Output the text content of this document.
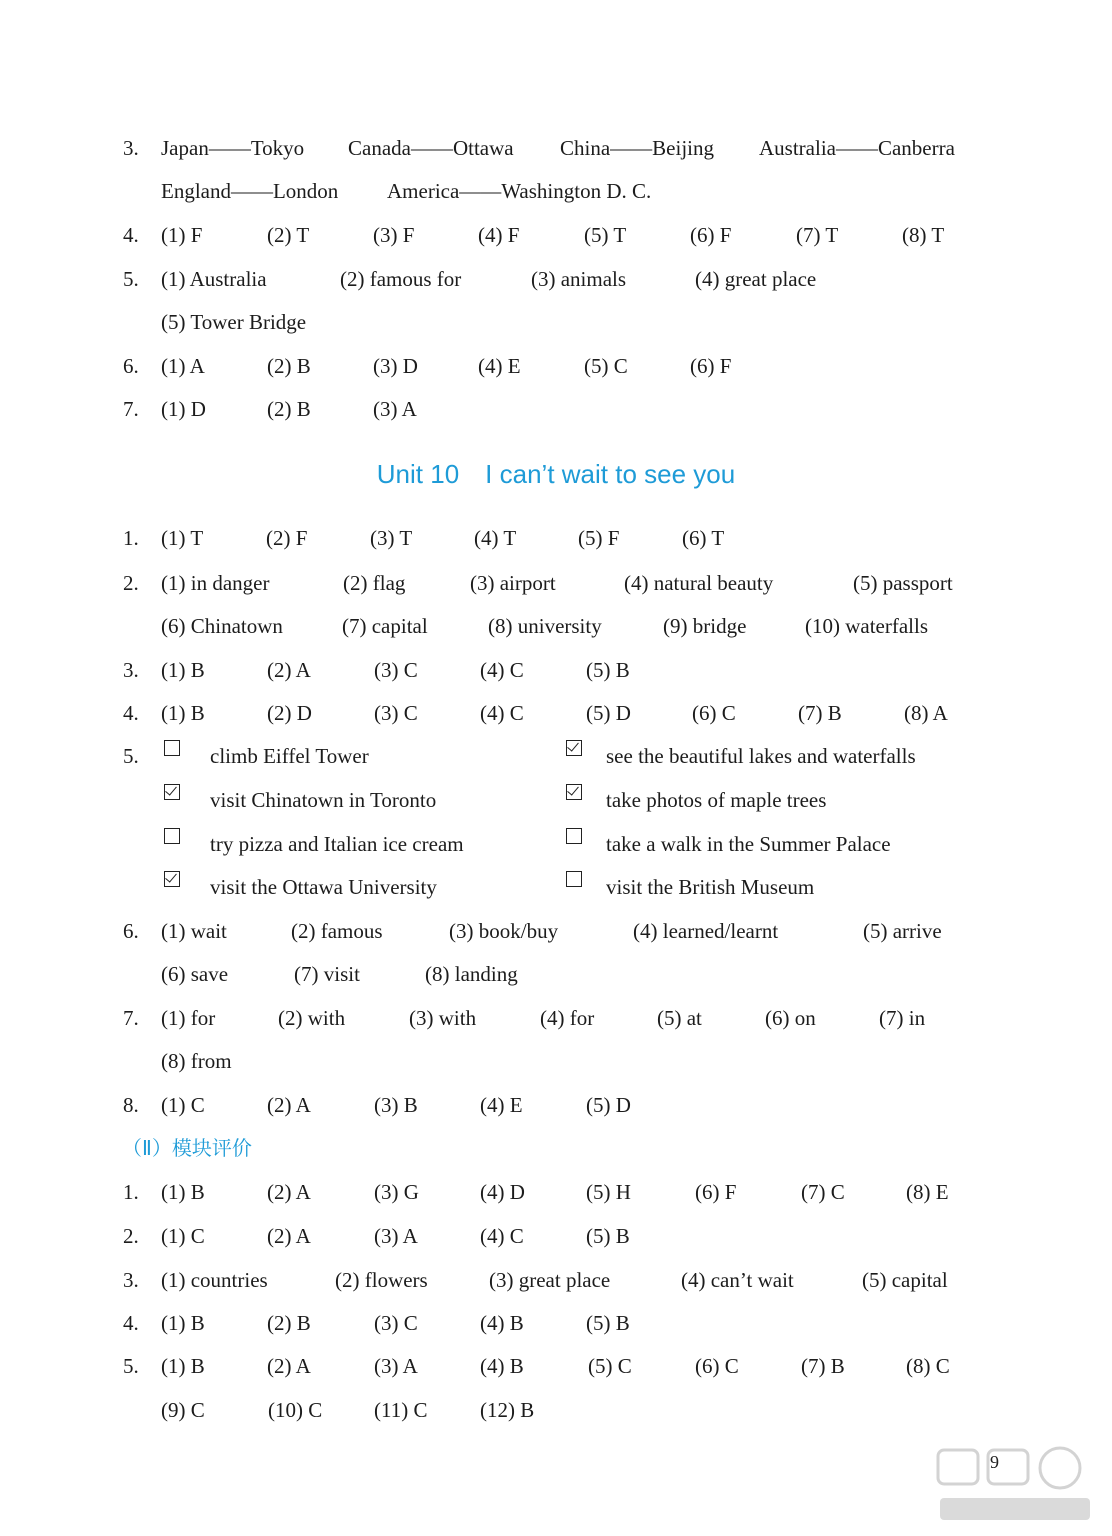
3. Japan——Tokyo Canada——Ottawa China——Beijing Australia——Canberra
England——London America——Washington D. C.
4. (1) F	(2) T	(3) F	(4) F	(5) T	(6) F	(7) T	(8) T
5. (1) Australia	(2) famous for	(3) animals	(4) great place
(5) Tower Bridge
6. (1) A	(2) B	(3) D	(4) E	(5) C	(6) F
7. (1) D	(2) B	(3) A
Unit 10 I can’t wait to see you
1. (1) T	(2) F	(3) T	(4) T	(5) F	(6) T
2. (1) in danger	(2) flag	(3) airport	(4) natural beauty	(5) passport
(6) Chinatown	(7) capital	(8) university	(9) bridge	(10) waterfalls
3. (1) B	(2) A	(3) C	(4) C	(5) B
4. (1) B	(2) D	(3) C	(4) C	(5) D	(6) C	(7) B	(8) A
5.	climb Eiffel Tower	see the beautiful lakes and waterfalls
visit Chinatown in Toronto	take photos of maple trees
try pizza and Italian ice cream	take a walk in the Summer Palace
visit the Ottawa University	visit the British Museum
6. (1) wait	(2) famous	(3) book/buy	(4) learned/learnt	(5) arrive
(6) save	(7) visit	(8) landing
7. (1) for	(2) with	(3) with	(4) for	(5) at	(6) on	(7) in
(8) from
8. (1) C	(2) A	(3) B	(4) E	(5) D
（Ⅱ）模块评价
1. (1) B	(2) A	(3) G	(4) D	(5) H	(6) F	(7) C	(8) E
2. (1) C	(2) A	(3) A	(4) C	(5) B
3. (1) countries	(2) flowers	(3) great place	(4) can’t wait	(5) capital
4. (1) B	(2) B	(3) C	(4) B	(5) B
5. (1) B	(2) A	(3) A	(4) B	(5) C	(6) C	(7) B	(8) C
(9) C	(10) C (11) C	(12) B
9
